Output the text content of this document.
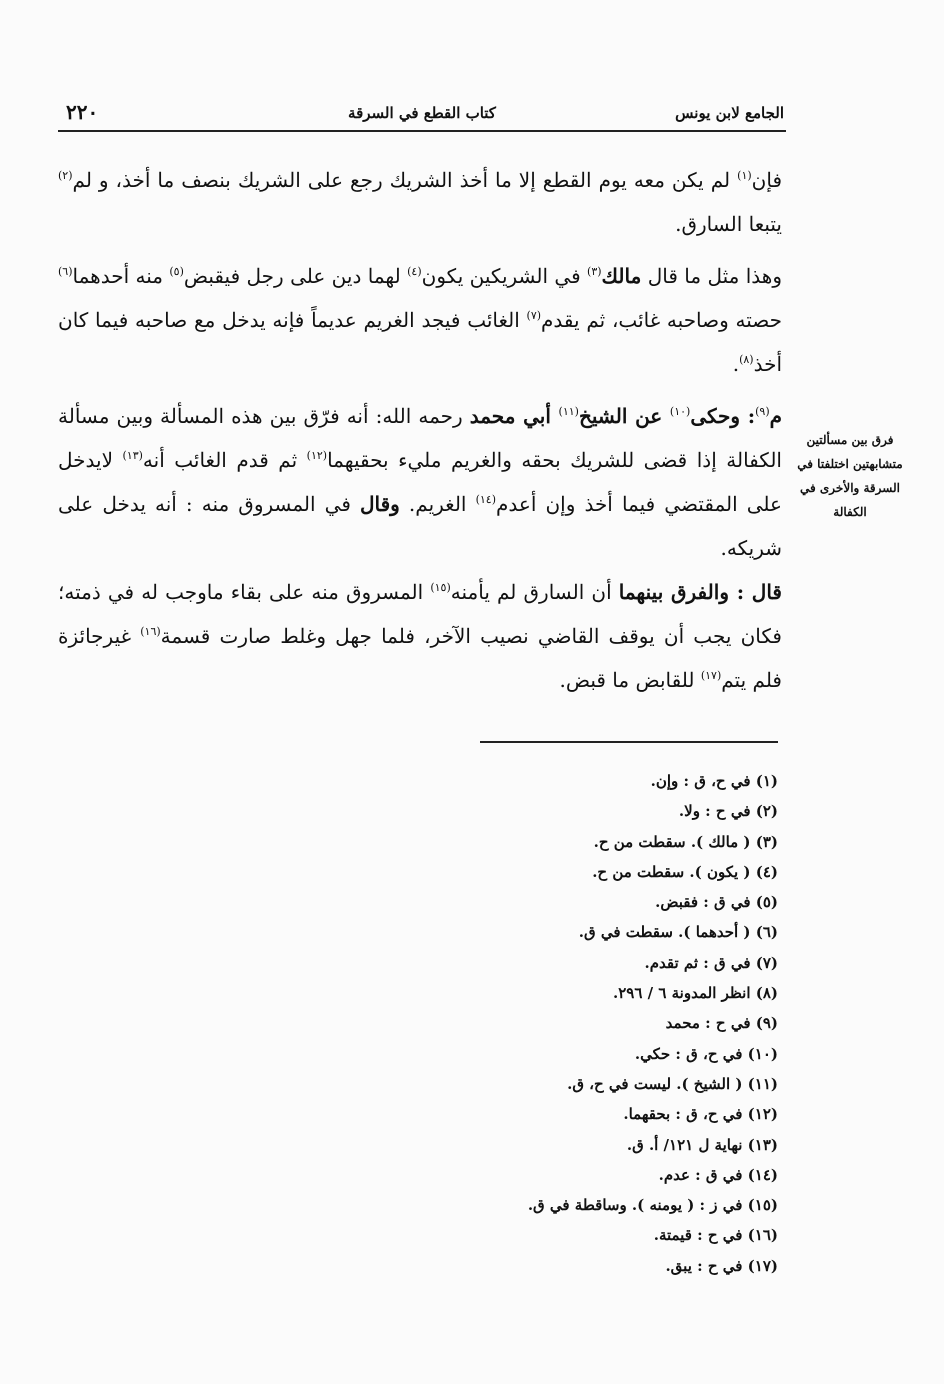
الجامع لابن يونس
كتاب القطع في السرقة
٢٢٠

فإن$^{(١)}$ لم يكن معه يوم القطع إلا ما أخذ الشريك رجع على الشريك بنصف ما أخذ، و لم$^{(٢)}$ يتبعا السارق.

وهذا مثل ما قال مالك$^{(٣)}$ في الشريكين يكون$^{(٤)}$ لهما دين على رجل فيقبض$^{(٥)}$ منه أحدهما$^{(٦)}$ حصته وصاحبه غائب، ثم يقدم$^{(٧)}$ الغائب فيجد الغريم عديماً فإنه يدخل مع صاحبه فيما كان أخذ$^{(٨)}$.

م$^{(٩)}$: وحكى$^{(١٠)}$ عن الشيخ$^{(١١)}$ أبي محمد رحمه الله: أنه فرّق بين هذه المسألة وبين مسألة الكفالة إذا قضى للشريك بحقه والغريم مليء بحقيهما$^{(١٢)}$ ثم قدم الغائب أنه$^{(١٣)}$ لايدخل على المقتضي فيما أخذ وإن أعدم$^{(١٤)}$ الغريم. وقال في المسروق منه : أنه يدخل على شريكه.

قال : والفرق بينهما أن السارق لم يأمنه$^{(١٥)}$ المسروق منه على بقاء ماوجب له في ذمته؛ فكان يجب أن يوقف القاضي نصيب الآخر، فلما جهل وغلط صارت قسمة$^{(١٦)}$ غيرجائزة فلم يتم$^{(١٧)}$ للقابض ما قبض.

فرق بين مسألتين متشابهتين اختلفتا في السرقة والأخرى في الكفالة
(١) في ح، ق : وإن.
(٢) في ح : ولا.
(٣) ( مالك ). سقطت من ح.
(٤) ( يكون ). سقطت من ح.
(٥) في ق : فقبض.
(٦) ( أحدهما ). سقطت في ق.
(٧) في ق : ثم تقدم.
(٨) انظر المدونة ٦ / ٢٩٦.
(٩) في ح : محمد
(١٠) في ح، ق : حكي.
(١١) ( الشيخ ). ليست في ح، ق.
(١٢) في ح، ق : بحقهما.
(١٣) نهاية ل ١٢١/ أ. ق.
(١٤) في ق : عدم.
(١٥) في ز : ( يومنه ). وساقطة في ق.
(١٦) في ح : قيمتة.
(١٧) في ح : يبق.
